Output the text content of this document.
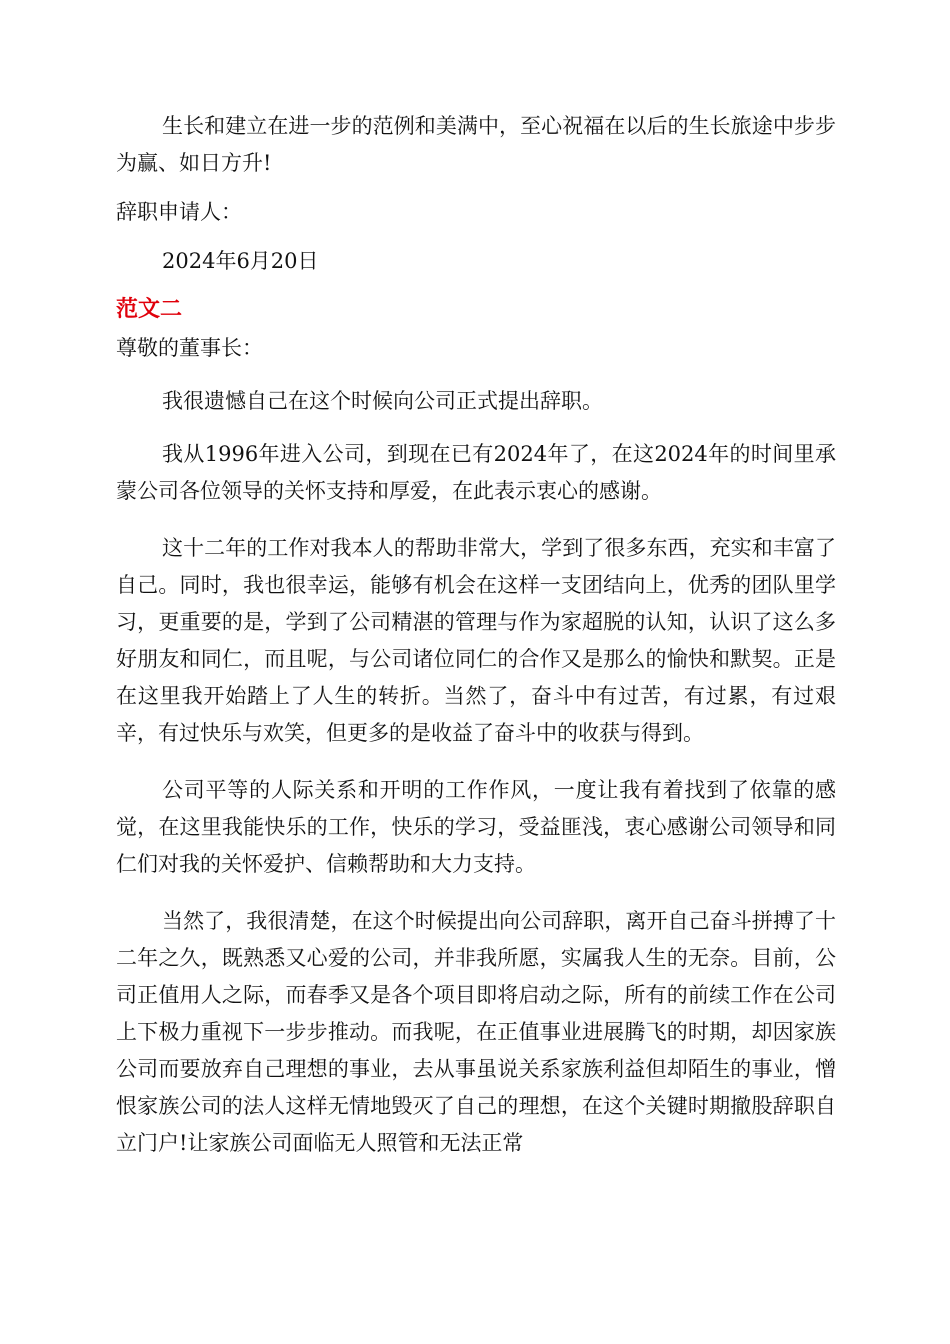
生长和建立在进一步的范例和美满中，至心祝福在以后的生长旅途中步步为赢、如日方升!

辞职申请人：

2024年6月20日

范文二

尊敬的董事长：

我很遗憾自己在这个时候向公司正式提出辞职。

我从1996年进入公司，到现在已有2024年了，在这2024年的时间里承蒙公司各位领导的关怀支持和厚爱，在此表示衷心的感谢。

这十二年的工作对我本人的帮助非常大，学到了很多东西，充实和丰富了自己。同时，我也很幸运，能够有机会在这样一支团结向上，优秀的团队里学习，更重要的是，学到了公司精湛的管理与作为家超脱的认知，认识了这么多好朋友和同仁，而且呢，与公司诸位同仁的合作又是那么的愉快和默契。正是在这里我开始踏上了人生的转折。当然了，奋斗中有过苦，有过累，有过艰辛，有过快乐与欢笑，但更多的是收益了奋斗中的收获与得到。

公司平等的人际关系和开明的工作作风，一度让我有着找到了依靠的感觉，在这里我能快乐的工作，快乐的学习，受益匪浅，衷心感谢公司领导和同仁们对我的关怀爱护、信赖帮助和大力支持。

当然了，我很清楚，在这个时候提出向公司辞职，离开自己奋斗拼搏了十二年之久，既熟悉又心爱的公司，并非我所愿，实属我人生的无奈。目前，公司正值用人之际，而春季又是各个项目即将启动之际，所有的前续工作在公司上下极力重视下一步步推动。而我呢，在正值事业进展腾飞的时期，却因家族公司而要放弃自己理想的事业，去从事虽说关系家族利益但却陌生的事业，憎恨家族公司的法人这样无情地毁灭了自己的理想，在这个关键时期撤股辞职自立门户!让家族公司面临无人照管和无法正常
